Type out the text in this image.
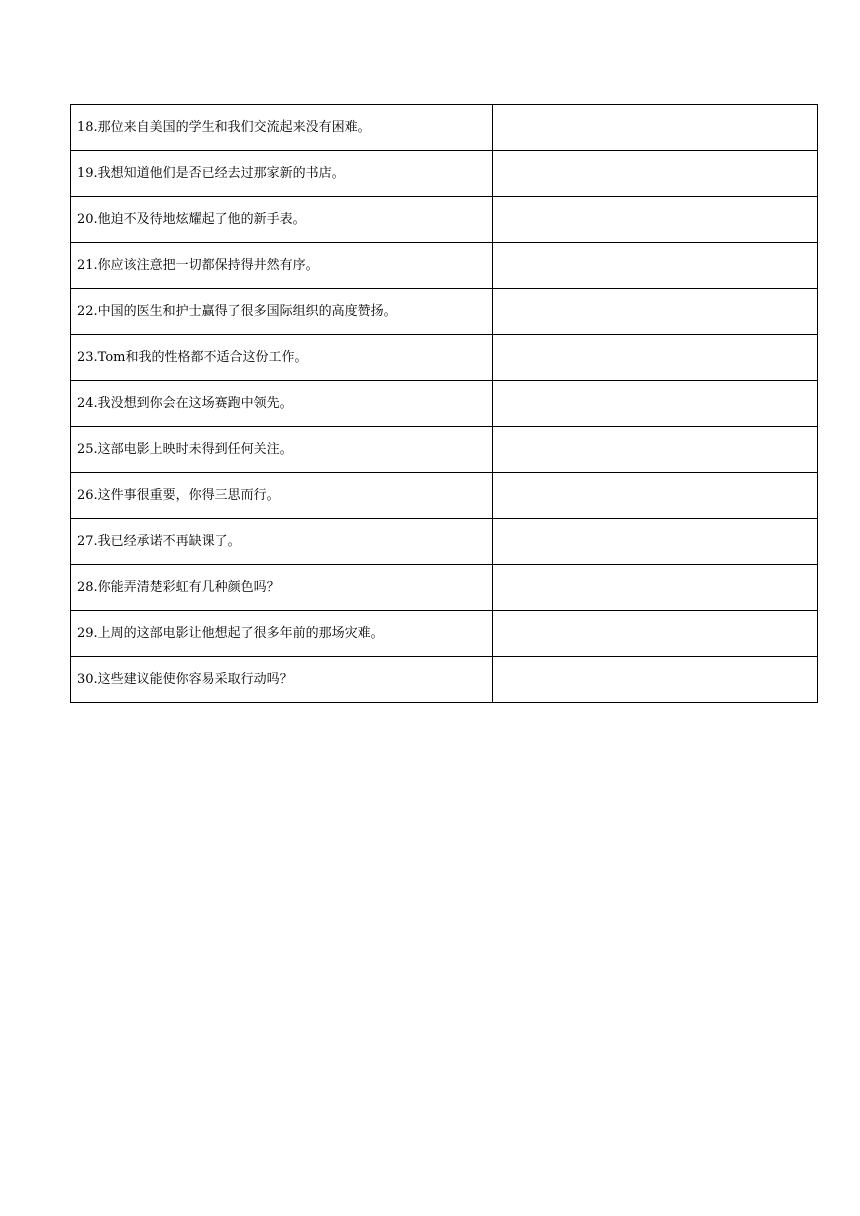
18.那位来自美国的学生和我们交流起来没有困难。	
19.我想知道他们是否已经去过那家新的书店。	
20.他迫不及待地炫耀起了他的新手表。	
21.你应该注意把一切都保持得井然有序。	
22.中国的医生和护士赢得了很多国际组织的高度赞扬。	
23.Tom和我的性格都不适合这份工作。	
24.我没想到你会在这场赛跑中领先。	
25.这部电影上映时未得到任何关注。	
26.这件事很重要，你得三思而行。	
27.我已经承诺不再缺课了。	
28.你能弄清楚彩虹有几种颜色吗？	
29.上周的这部电影让他想起了很多年前的那场灾难。	
30.这些建议能使你容易采取行动吗？	
